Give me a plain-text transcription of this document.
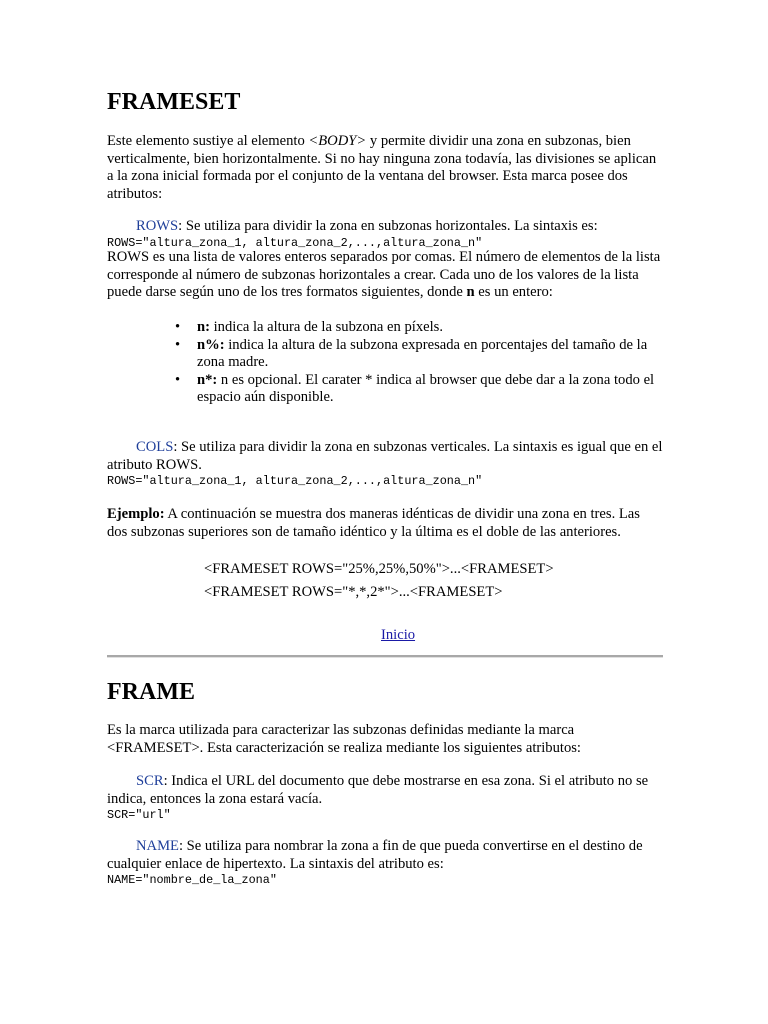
FRAMESET

Este elemento sustiye al elemento <BODY> y permite dividir una zona en subzonas, bien verticalmente, bien horizontalmente. Si no hay ninguna zona todavía, las divisiones se aplican a la zona inicial formada por el conjunto de la ventana del browser. Esta marca posee dos atributos:

ROWS: Se utiliza para dividir la zona en subzonas horizontales. La sintaxis es:

ROWS="altura_zona_1, altura_zona_2,...,altura_zona_n"

ROWS es una lista de valores enteros separados por comas. El número de elementos de la lista corresponde al número de subzonas horizontales a crear. Cada uno de los valores de la lista puede darse según uno de los tres formatos siguientes, donde n es un entero:

• n: indica la altura de la subzona en píxels.
• n%: indica la altura de la subzona expresada en porcentajes del tamaño de la zona madre.
• n*: n es opcional. El carater * indica al browser que debe dar a la zona todo el espacio aún disponible.

COLS: Se utiliza para dividir la zona en subzonas verticales. La sintaxis es igual que en el atributo ROWS.

ROWS="altura_zona_1, altura_zona_2,...,altura_zona_n"

Ejemplo: A continuación se muestra dos maneras idénticas de dividir una zona en tres. Las dos subzonas superiores son de tamaño idéntico y la última es el doble de las anteriores.

<FRAMESET ROWS="25%,25%,50%">...<FRAMESET>

<FRAMESET ROWS="*,*,2*">...<FRAMESET>

Inicio
FRAME

Es la marca utilizada para caracterizar las subzonas definidas mediante la marca <FRAMESET>. Esta caracterización se realiza mediante los siguientes atributos:

SCR: Indica el URL del documento que debe mostrarse en esa zona. Si el atributo no se indica, entonces la zona estará vacía.

SCR="url"

NAME: Se utiliza para nombrar la zona a fin de que pueda convertirse en el destino de cualquier enlace de hipertexto. La sintaxis del atributo es:

NAME="nombre_de_la_zona"
